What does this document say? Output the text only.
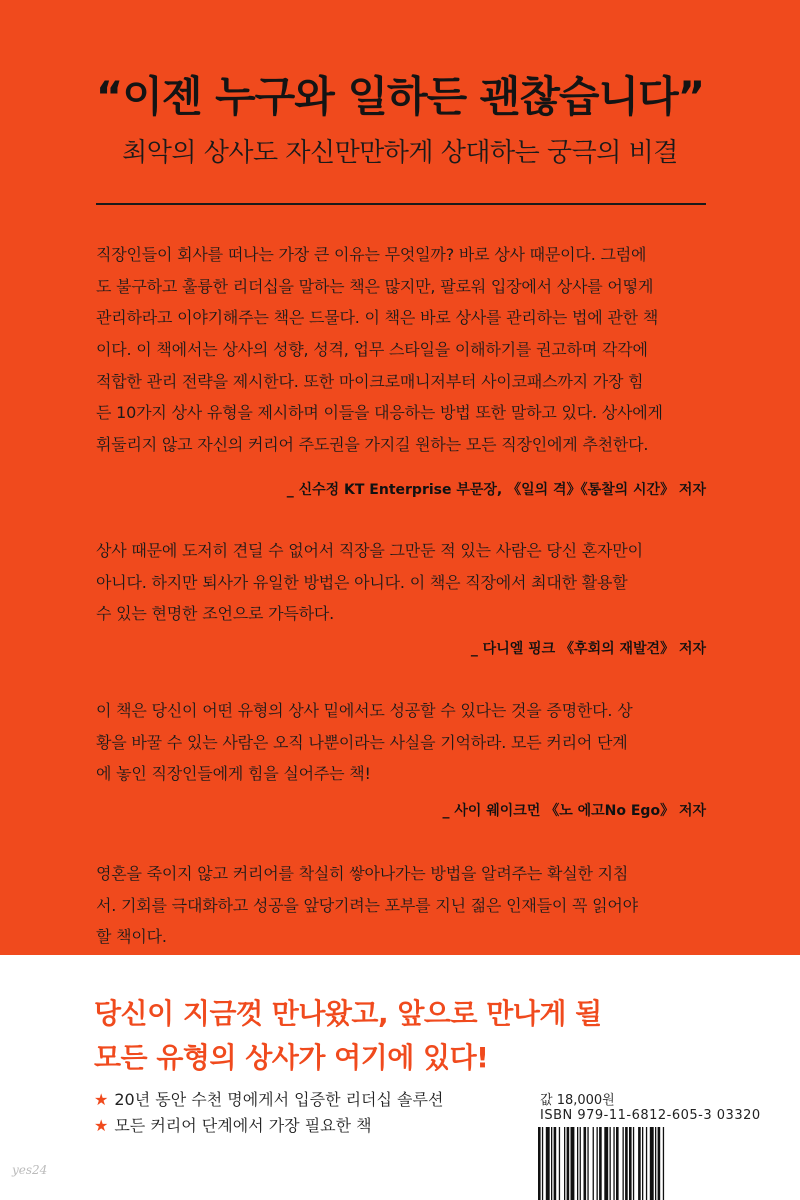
“이젠 누구와 일하든 괜찮습니다”
최악의 상사도 자신만만하게 상대하는 궁극의 비결
직장인들이 회사를 떠나는 가장 큰 이유는 무엇일까? 바로 상사 때문이다. 그럼에
도 불구하고 훌륭한 리더십을 말하는 책은 많지만, 팔로워 입장에서 상사를 어떻게
관리하라고 이야기해주는 책은 드물다. 이 책은 바로 상사를 관리하는 법에 관한 책
이다. 이 책에서는 상사의 성향, 성격, 업무 스타일을 이해하기를 권고하며 각각에
적합한 관리 전략을 제시한다. 또한 마이크로매니저부터 사이코패스까지 가장 힘
든 10가지 상사 유형을 제시하며 이들을 대응하는 방법 또한 말하고 있다. 상사에게
휘둘리지 않고 자신의 커리어 주도권을 가지길 원하는 모든 직장인에게 추천한다.
_ 신수정 KT Enterprise 부문장, 《일의 격》《통찰의 시간》 저자
상사 때문에 도저히 견딜 수 없어서 직장을 그만둔 적 있는 사람은 당신 혼자만이
아니다. 하지만 퇴사가 유일한 방법은 아니다. 이 책은 직장에서 최대한 활용할
수 있는 현명한 조언으로 가득하다.
_ 다니엘 핑크 《후회의 재발견》 저자
이 책은 당신이 어떤 유형의 상사 밑에서도 성공할 수 있다는 것을 증명한다. 상
황을 바꿀 수 있는 사람은 오직 나뿐이라는 사실을 기억하라. 모든 커리어 단계
에 놓인 직장인들에게 힘을 실어주는 책!
_ 사이 웨이크먼 《노 에고No Ego》 저자
영혼을 죽이지 않고 커리어를 착실히 쌓아나가는 방법을 알려주는 확실한 지침
서. 기회를 극대화하고 성공을 앞당기려는 포부를 지닌 젊은 인재들이 꼭 읽어야
할 책이다.
당신이 지금껏 만나왔고, 앞으로 만나게 될
모든 유형의 상사가 여기에 있다!
★ 20년 동안 수천 명에게서 입증한 리더십 솔루션
★ 모든 커리어 단계에서 가장 필요한 책
값 18,000원
ISBN 979-11-6812-605-3 03320
yes24
